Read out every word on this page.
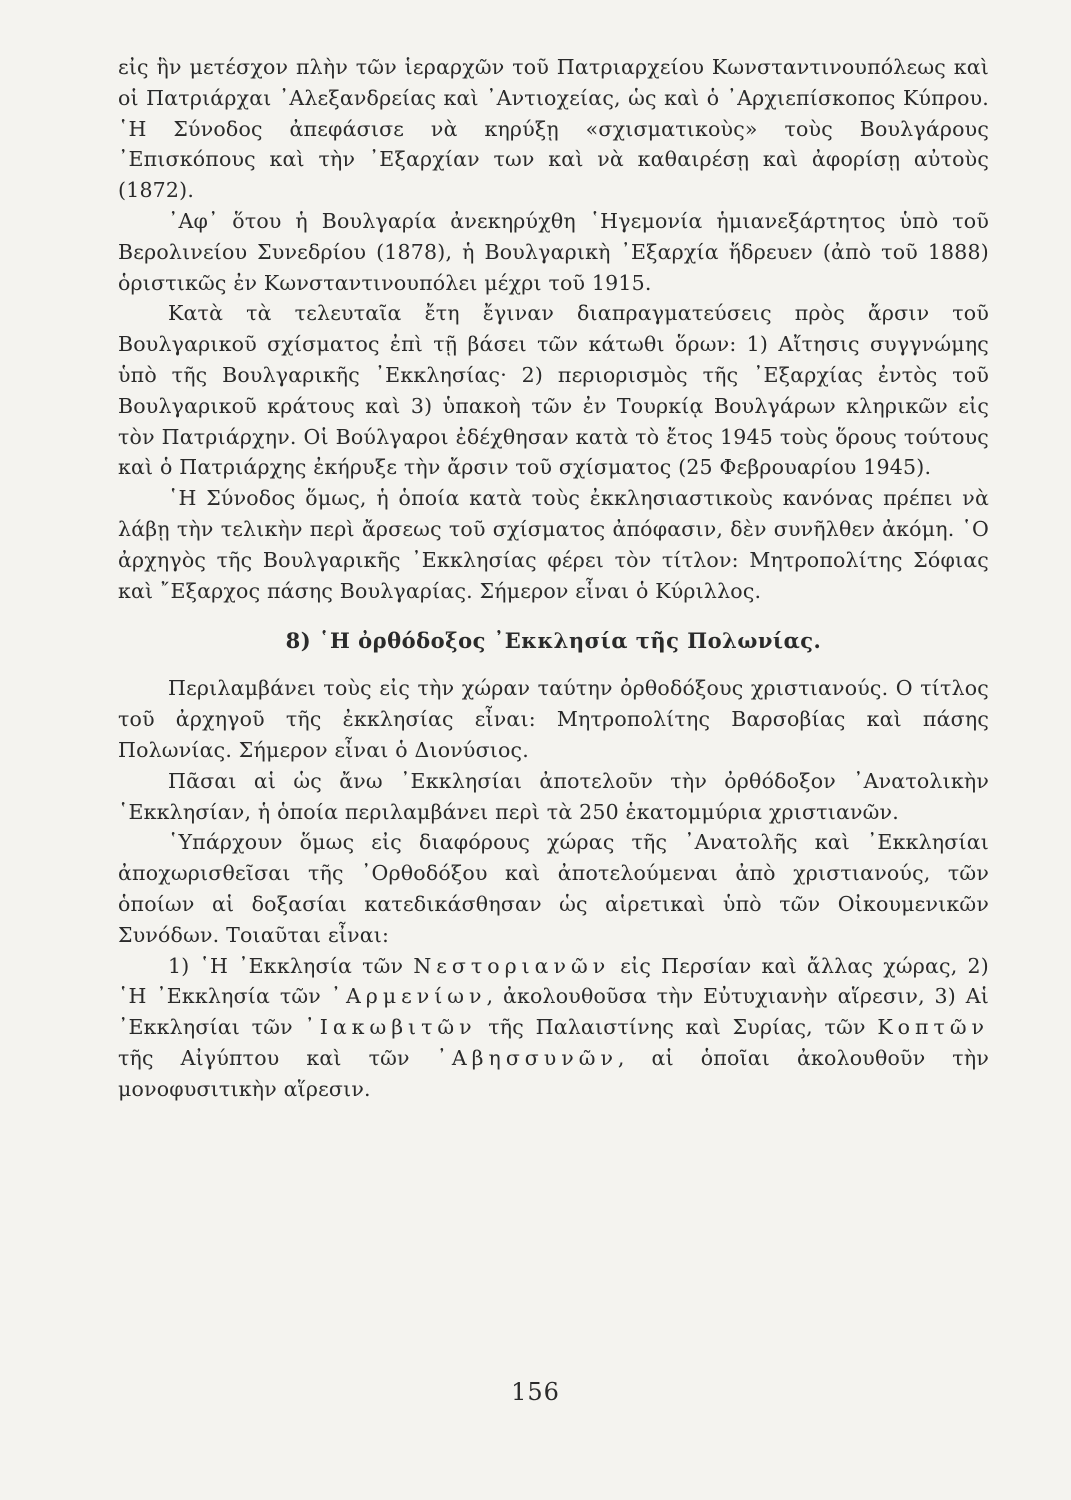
εἰς ἣν μετέσχον πλὴν τῶν ἱεραρχῶν τοῦ Πατριαρχείου Κωνσταντινουπόλεως καὶ οἱ Πατριάρχαι ᾿Αλεξανδρείας καὶ ᾿Αντιοχείας, ὡς καὶ ὁ ᾿Αρχιεπίσκοπος Κύπρου. ῾Η Σύνοδος ἀπεφάσισε νὰ κηρύξῃ «σχισματικοὺς» τοὺς Βουλγάρους ᾿Επισκόπους καὶ τὴν ᾿Εξαρχίαν των καὶ νὰ καθαιρέσῃ καὶ ἀφορίσῃ αὐτοὺς (1872).

᾿Αφ᾿ ὅτου ἡ Βουλγαρία ἀνεκηρύχθη ῾Ηγεμονία ἡμιανεξάρτητος ὑπὸ τοῦ Βερολινείου Συνεδρίου (1878), ἡ Βουλγαρικὴ ᾿Εξαρχία ἥδρευεν (ἀπὸ τοῦ 1888) ὁριστικῶς ἐν Κωνσταντινουπόλει μέχρι τοῦ 1915.

Κατὰ τὰ τελευταῖα ἔτη ἔγιναν διαπραγματεύσεις πρὸς ἄρσιν τοῦ Βουλγαρικοῦ σχίσματος ἐπὶ τῇ βάσει τῶν κάτωθι ὅρων: 1) Αἴτησις συγγνώμης ὑπὸ τῆς Βουλγαρικῆς ᾿Εκκλησίας· 2) περιορισμὸς τῆς ᾿Εξαρχίας ἐντὸς τοῦ Βουλγαρικοῦ κράτους καὶ 3) ὑπακοὴ τῶν ἐν Τουρκίᾳ Βουλγάρων κληρικῶν εἰς τὸν Πατριάρχην. Οἱ Βούλγαροι ἐδέχθησαν κατὰ τὸ ἔτος 1945 τοὺς ὅρους τούτους καὶ ὁ Πατριάρχης ἐκήρυξε τὴν ἄρσιν τοῦ σχίσματος (25 Φεβρουαρίου 1945).

῾Η Σύνοδος ὅμως, ἡ ὁποία κατὰ τοὺς ἐκκλησιαστικοὺς κανόνας πρέπει νὰ λάβῃ τὴν τελικὴν περὶ ἄρσεως τοῦ σχίσματος ἀπόφασιν, δὲν συνῆλθεν ἀκόμη. ῾Ο ἀρχηγὸς τῆς Βουλγαρικῆς ᾿Εκκλησίας φέρει τὸν τίτλον: Μητροπολίτης Σόφιας καὶ ῎Εξαρχος πάσης Βουλγαρίας. Σήμερον εἶναι ὁ Κύριλλος.

8) ῾Η ὀρθόδοξος ᾿Εκκλησία τῆς Πολωνίας.

Περιλαμβάνει τοὺς εἰς τὴν χώραν ταύτην ὀρθοδόξους χριστιανούς. Ο τίτλος τοῦ ἀρχηγοῦ τῆς ἐκκλησίας εἶναι: Μητροπολίτης Βαρσοβίας καὶ πάσης Πολωνίας. Σήμερον εἶναι ὁ Διονύσιος.

Πᾶσαι αἱ ὡς ἄνω ᾿Εκκλησίαι ἀποτελοῦν τὴν ὀρθόδοξον ᾿Ανατολικὴν ῾Εκκλησίαν, ἡ ὁποία περιλαμβάνει περὶ τὰ 250 ἑκατομμύρια χριστιανῶν.

῾Υπάρχουν ὅμως εἰς διαφόρους χώρας τῆς ᾿Ανατολῆς καὶ ᾿Εκκλησίαι ἀποχωρισθεῖσαι τῆς ᾿Ορθοδόξου καὶ ἀποτελούμεναι ἀπὸ χριστιανούς, τῶν ὁποίων αἱ δοξασίαι κατεδικάσθησαν ὡς αἱρετικαὶ ὑπὸ τῶν Οἰκουμενικῶν Συνόδων. Τοιαῦται εἶναι:

1) ῾Η ᾿Εκκλησία τῶν Νεστοριανῶν εἰς Περσίαν καὶ ἄλλας χώρας, 2) ῾Η ᾿Εκκλησία τῶν ᾿Αρμενίων, ἀκολουθοῦσα τὴν Εὐτυχιανὴν αἵρεσιν, 3) Αἱ ᾿Εκκλησίαι τῶν ᾿Ιακωβιτῶν τῆς Παλαιστίνης καὶ Συρίας, τῶν Κοπτῶν τῆς Αἰγύπτου καὶ τῶν ᾿Αβησσυνῶν, αἱ ὁποῖαι ἀκολουθοῦν τὴν μονοφυσιτικὴν αἵρεσιν.

156
